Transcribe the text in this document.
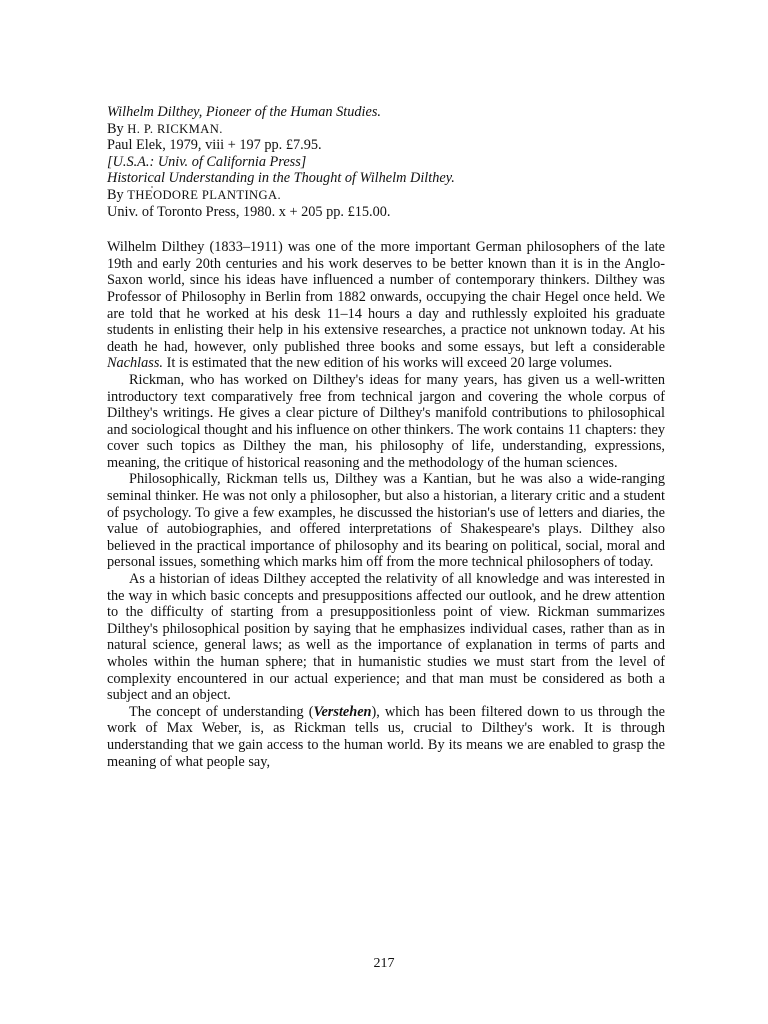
Wilhelm Dilthey, Pioneer of the Human Studies.
By H. P. RICKMAN.
Paul Elek, 1979, viii + 197 pp. £7.95.
[U.S.A.: Univ. of California Press]
Historical Understanding in the Thought of Wilhelm Dilthey.
By THEODORE PLANTINGA.
Univ. of Toronto Press, 1980. x + 205 pp. £15.00.

Wilhelm Dilthey (1833–1911) was one of the more important German philosophers of the late 19th and early 20th centuries and his work deserves to be better known than it is in the Anglo-Saxon world, since his ideas have influenced a number of contemporary thinkers. Dilthey was Professor of Philosophy in Berlin from 1882 onwards, occupying the chair Hegel once held. We are told that he worked at his desk 11–14 hours a day and ruthlessly exploited his graduate students in enlisting their help in his extensive researches, a practice not unknown today. At his death he had, however, only published three books and some essays, but left a considerable Nachlass. It is estimated that the new edition of his works will exceed 20 large volumes.

Rickman, who has worked on Dilthey's ideas for many years, has given us a well-written introductory text comparatively free from technical jargon and covering the whole corpus of Dilthey's writings. He gives a clear picture of Dilthey's manifold contributions to philosophical and sociological thought and his influence on other thinkers. The work contains 11 chapters: they cover such topics as Dilthey the man, his philosophy of life, understanding, expressions, meaning, the critique of historical reasoning and the methodology of the human sciences.

Philosophically, Rickman tells us, Dilthey was a Kantian, but he was also a wide-ranging seminal thinker. He was not only a philosopher, but also a historian, a literary critic and a student of psychology. To give a few examples, he discussed the historian's use of letters and diaries, the value of autobiographies, and offered interpretations of Shakespeare's plays. Dilthey also believed in the practical importance of philosophy and its bearing on political, social, moral and personal issues, something which marks him off from the more technical philosophers of today.

As a historian of ideas Dilthey accepted the relativity of all knowledge and was interested in the way in which basic concepts and presuppositions affected our outlook, and he drew attention to the difficulty of starting from a presuppositionless point of view. Rickman summarizes Dilthey's philosophical position by saying that he emphasizes individual cases, rather than as in natural science, general laws; as well as the importance of explanation in terms of parts and wholes within the human sphere; that in humanistic studies we must start from the level of complexity encountered in our actual experience; and that man must be considered as both a subject and an object.

The concept of understanding (Verstehen), which has been filtered down to us through the work of Max Weber, is, as Rickman tells us, crucial to Dilthey's work. It is through understanding that we gain access to the human world. By its means we are enabled to grasp the meaning of what people say,

217
